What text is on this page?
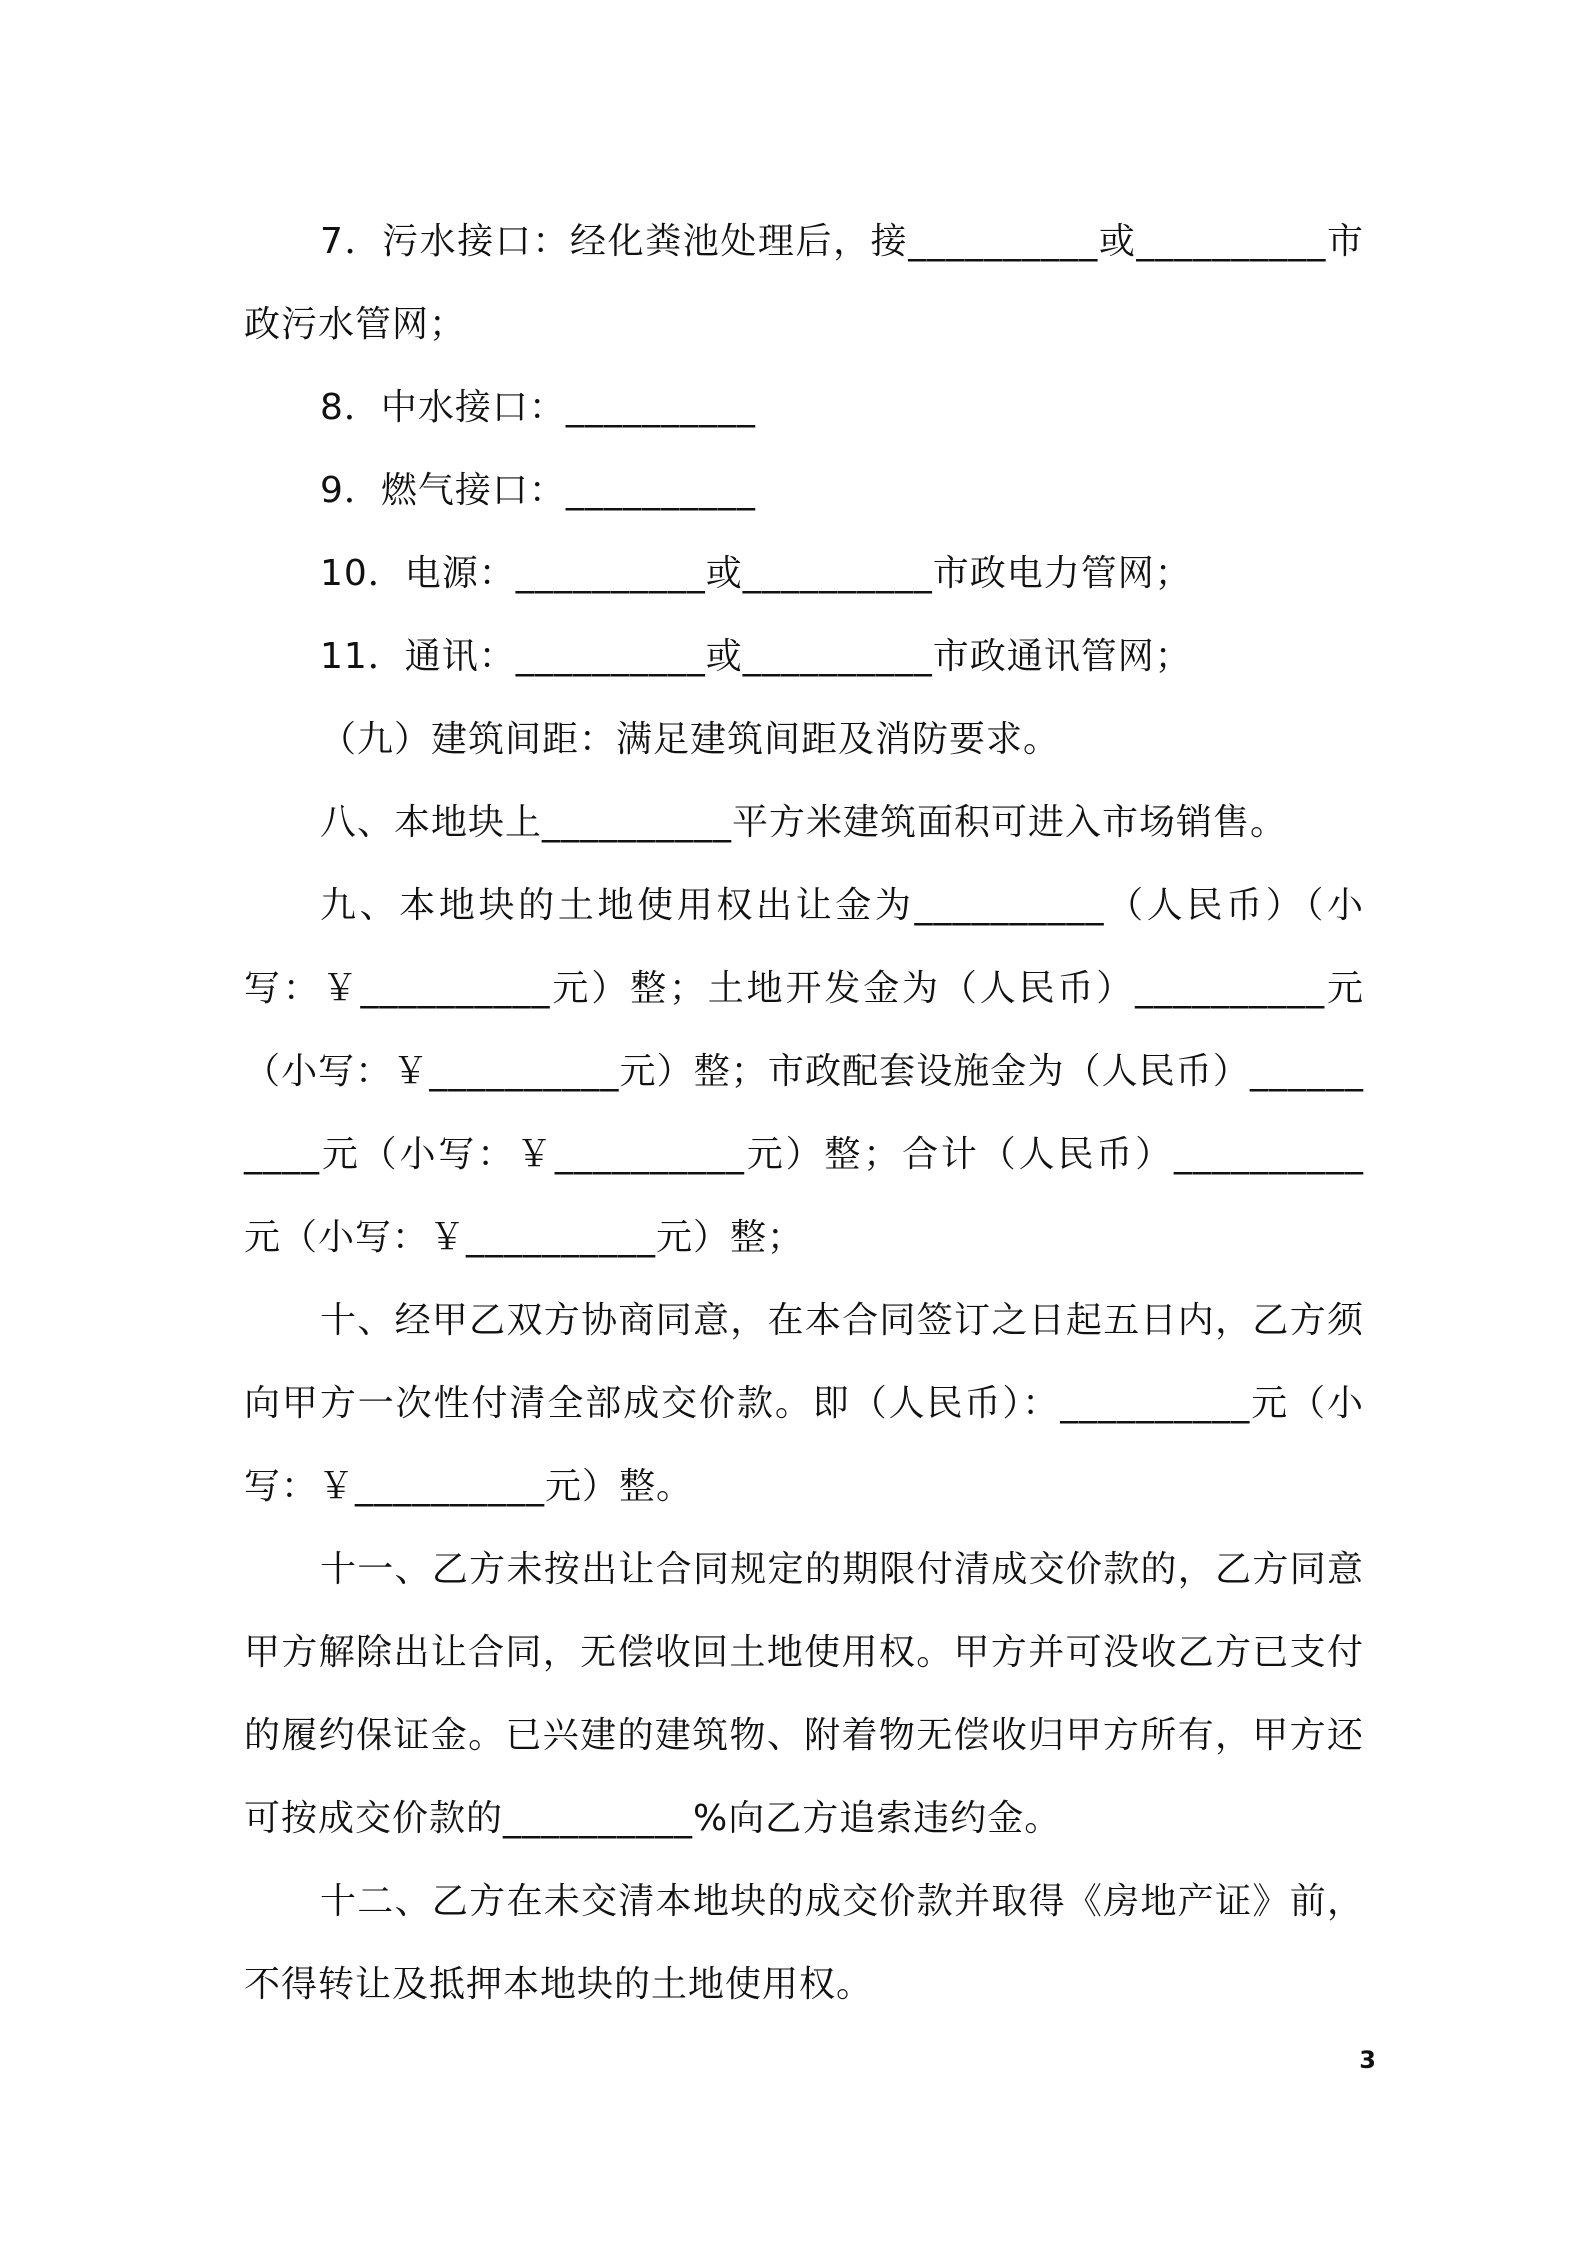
7．污水接口：经化粪池处理后，接__________或__________市政污水管网；

8．中水接口：__________

9．燃气接口：__________

10．电源：__________或__________市政电力管网；

11．通讯：__________或__________市政通讯管网；

（九）建筑间距：满足建筑间距及消防要求。

八、本地块上__________平方米建筑面积可进入市场销售。

九、本地块的土地使用权出让金为__________（人民币）（小写：￥__________元）整；土地开发金为（人民币）__________元（小写：￥__________元）整；市政配套设施金为（人民币）__________元（小写：￥__________元）整；合计（人民币）__________元（小写：￥__________元）整；

十、经甲乙双方协商同意，在本合同签订之日起五日内，乙方须向甲方一次性付清全部成交价款。即（人民币）：__________元（小写：￥__________元）整。

十一、乙方未按出让合同规定的期限付清成交价款的，乙方同意甲方解除出让合同，无偿收回土地使用权。甲方并可没收乙方已支付的履约保证金。已兴建的建筑物、附着物无偿收归甲方所有，甲方还可按成交价款的__________%向乙方追索违约金。

十二、乙方在未交清本地块的成交价款并取得《房地产证》前，不得转让及抵押本地块的土地使用权。

3
